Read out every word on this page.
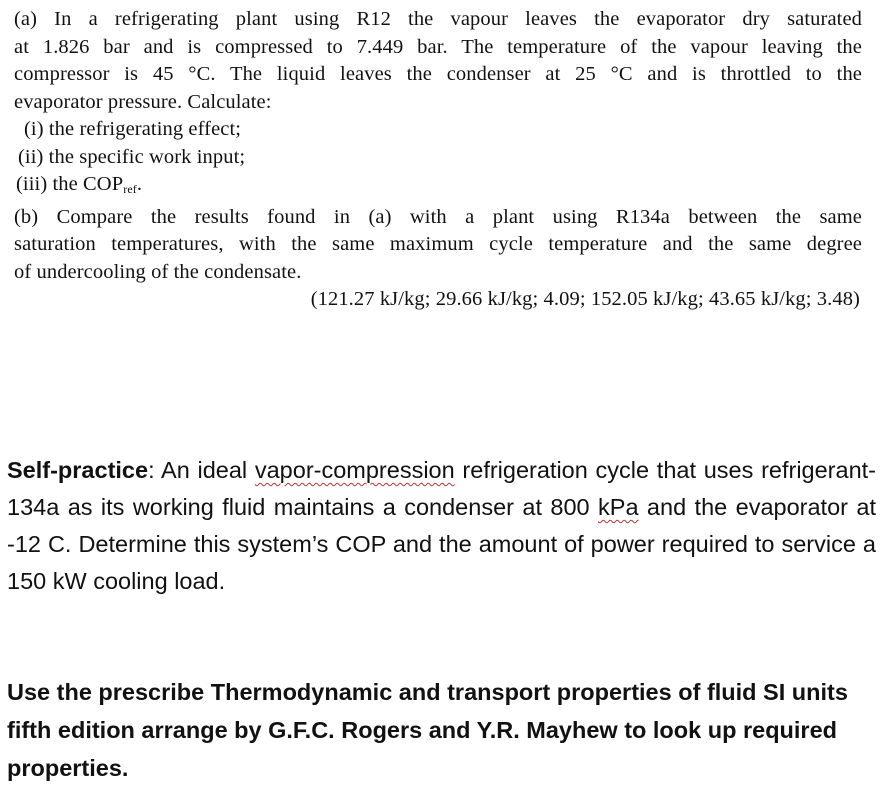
(a) In a refrigerating plant using R12 the vapour leaves the evaporator dry saturated

at 1.826 bar and is compressed to 7.449 bar. The temperature of the vapour leaving the

compressor is 45 °C. The liquid leaves the condenser at 25 °C and is throttled to the

evaporator pressure. Calculate:

(i) the refrigerating effect;

(ii) the specific work input;

(iii) the $COP_{ref}$.

(b) Compare the results found in (a) with a plant using R134a between the same

saturation temperatures, with the same maximum cycle temperature and the same degree

of undercooling of the condensate.

(121.27 kJ/kg; 29.66 kJ/kg; 4.09; 152.05 kJ/kg; 43.65 kJ/kg; 3.48)

Self-practice: An ideal vapor-compression refrigeration cycle that uses refrigerant-134a as its working fluid maintains a condenser at 800 kPa and the evaporator at -12 C. Determine this system’s COP and the amount of power required to service a 150 kW cooling load.

Use the prescribe Thermodynamic and transport properties of fluid SI units fifth edition arrange by G.F.C. Rogers and Y.R. Mayhew to look up required properties.
